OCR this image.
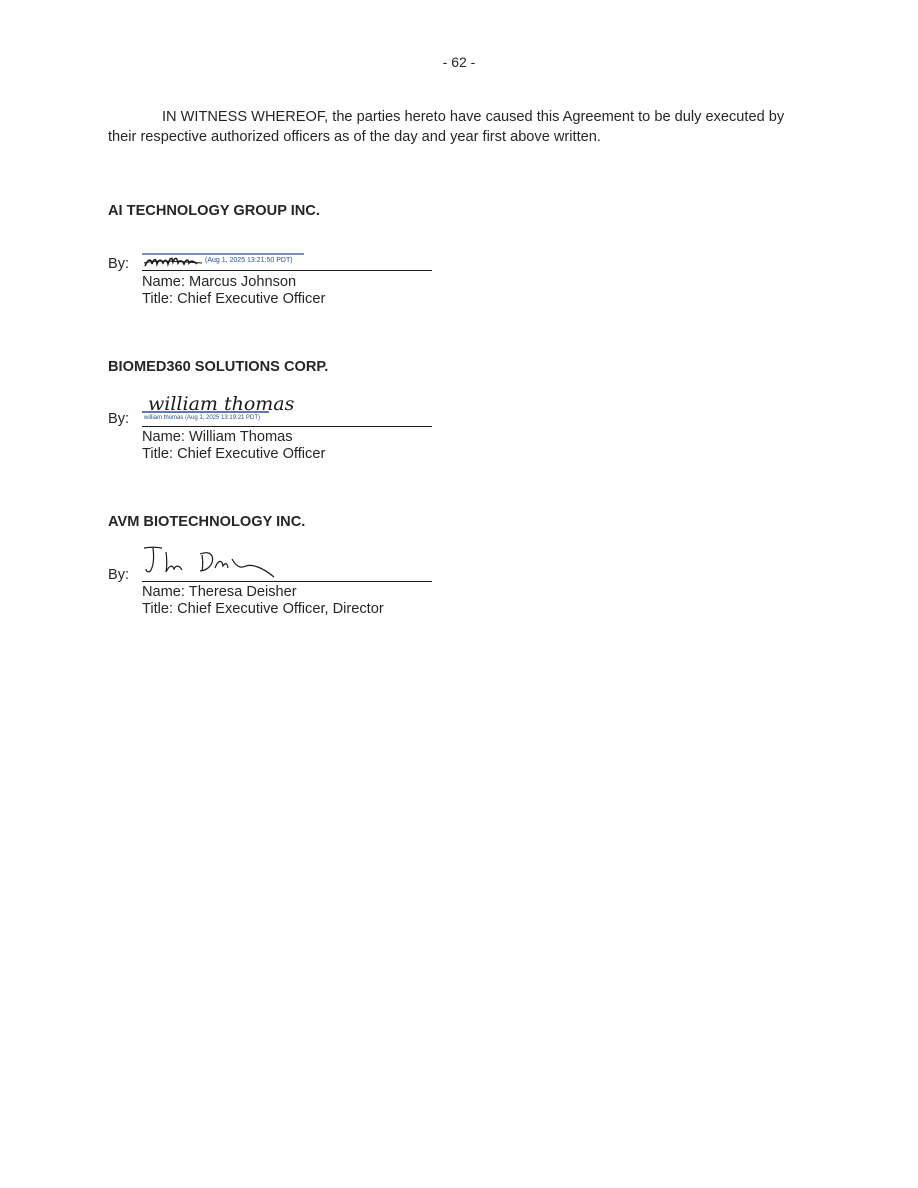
- 62 -

IN WITNESS WHEREOF, the parties hereto have caused this Agreement to be duly executed by their respective authorized officers as of the day and year first above written.

AI TECHNOLOGY GROUP INC.
By:	(Aug 1, 2025 13:21:50 PDT)
Name: Marcus Johnson
Title: Chief Executive Officer
BIOMED360 SOLUTIONS CORP.
By:
william thomas
william thomas (Aug 1, 2025 13:19:21 PDT)
Name: William Thomas
Title: Chief Executive Officer
AVM BIOTECHNOLOGY INC.
By:
Name: Theresa Deisher
Title: Chief Executive Officer, Director
